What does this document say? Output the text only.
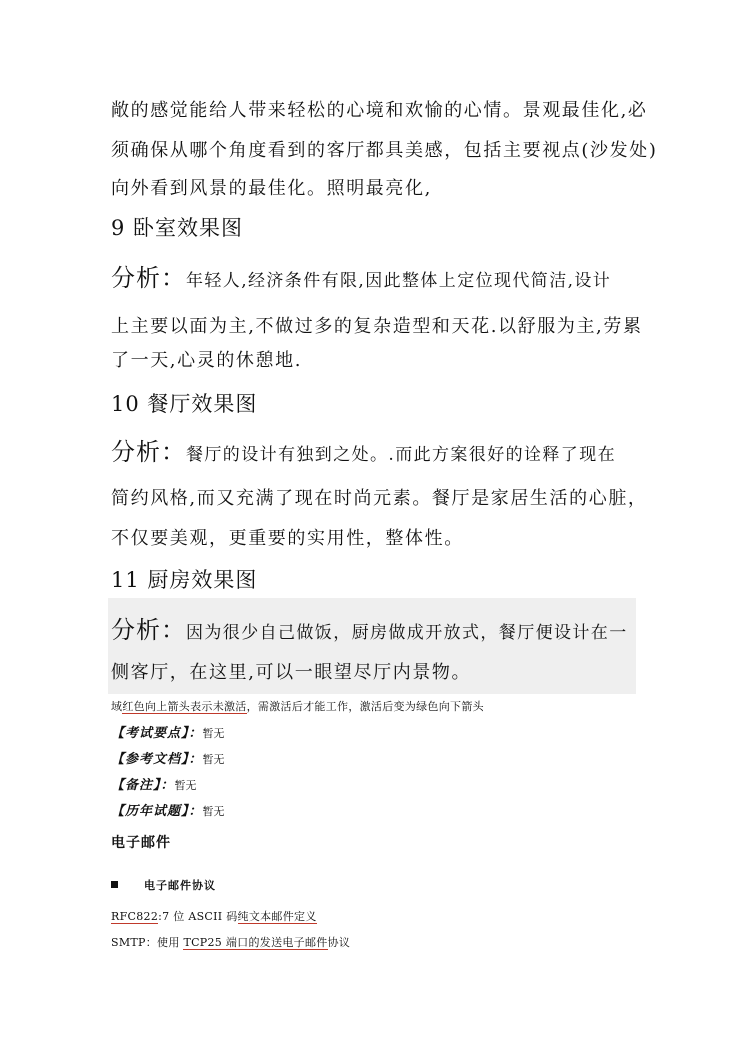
敞的感觉能给人带来轻松的心境和欢愉的心情。景观最佳化,必
须确保从哪个角度看到的客厅都具美感，包括主要视点(沙发处)
向外看到风景的最佳化。照明最亮化,
9 卧室效果图
分析：年轻人,经济条件有限,因此整体上定位现代简洁,设计
上主要以面为主,不做过多的复杂造型和天花.以舒服为主,劳累
了一天,心灵的休憩地.
10 餐厅效果图
分析：餐厅的设计有独到之处。.而此方案很好的诠释了现在
简约风格,而又充满了现在时尚元素。餐厅是家居生活的心脏，
不仅要美观，更重要的实用性，整体性。
11 厨房效果图
分析：因为很少自己做饭，厨房做成开放式，餐厅便设计在一
侧客厅，在这里,可以一眼望尽厅内景物。
域红色向上箭头表示未激活，需激活后才能工作，激活后变为绿色向下箭头
【考试要点】：暂无
【参考文档】：暂无
【备注】：暂无
【历年试题】：暂无
电子邮件
电子邮件协议
RFC822:7 位 ASCII 码纯文本邮件定义
SMTP：使用 TCP25 端口的发送电子邮件协议
